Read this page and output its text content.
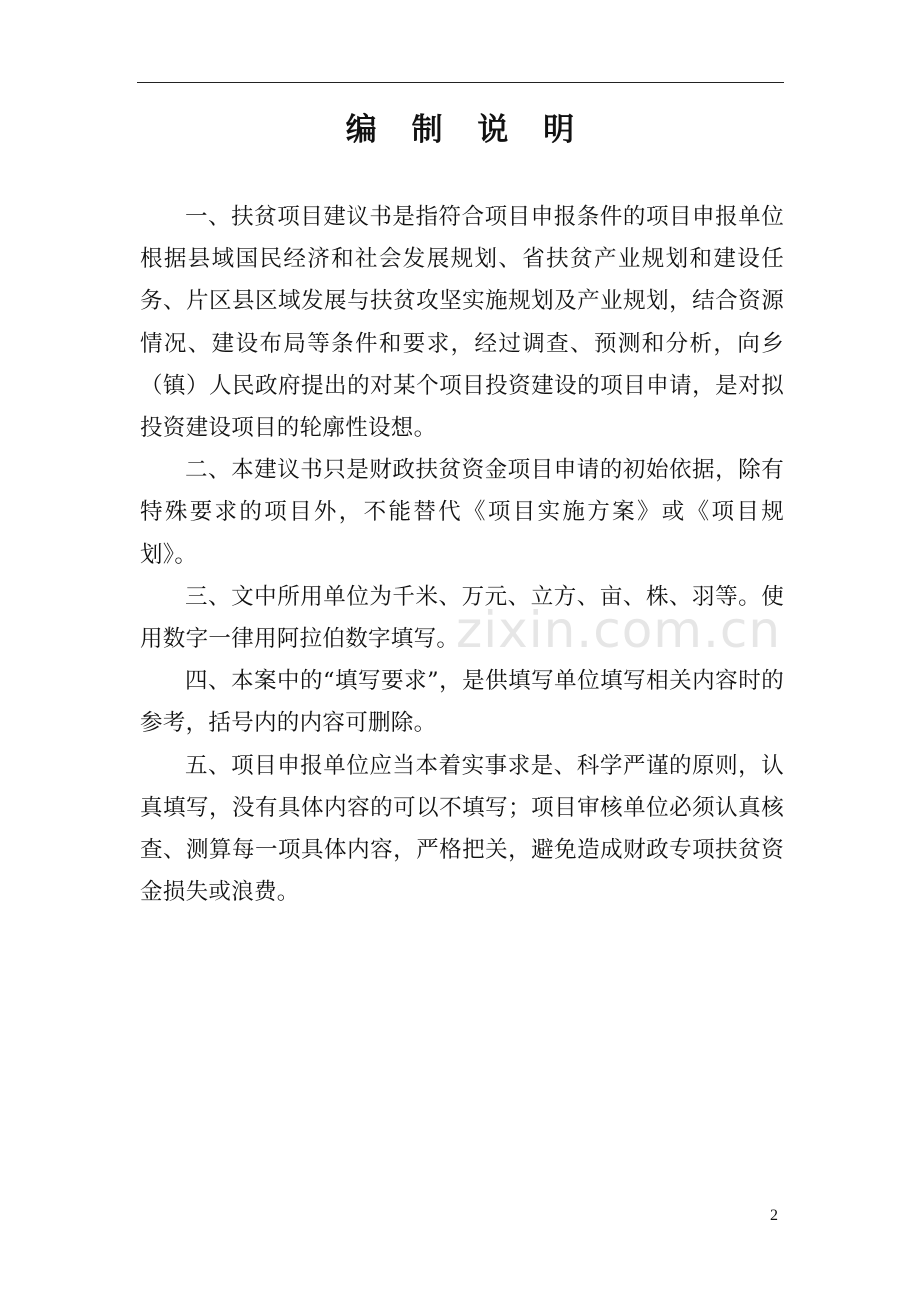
编 制 说 明
zixin.com.cn

一、扶贫项目建议书是指符合项目申报条件的项目申报单位根据县域国民经济和社会发展规划、省扶贫产业规划和建设任务、片区县区域发展与扶贫攻坚实施规划及产业规划，结合资源情况、建设布局等条件和要求，经过调查、预测和分析，向乡（镇）人民政府提出的对某个项目投资建设的项目申请，是对拟投资建设项目的轮廓性设想。

二、本建议书只是财政扶贫资金项目申请的初始依据，除有特殊要求的项目外，不能替代《项目实施方案》或《项目规划》。

三、文中所用单位为千米、万元、立方、亩、株、羽等。使用数字一律用阿拉伯数字填写。

四、本案中的“填写要求”，是供填写单位填写相关内容时的参考，括号内的内容可删除。

五、项目申报单位应当本着实事求是、科学严谨的原则，认真填写，没有具体内容的可以不填写；项目审核单位必须认真核查、测算每一项具体内容，严格把关，避免造成财政专项扶贫资金损失或浪费。

2
